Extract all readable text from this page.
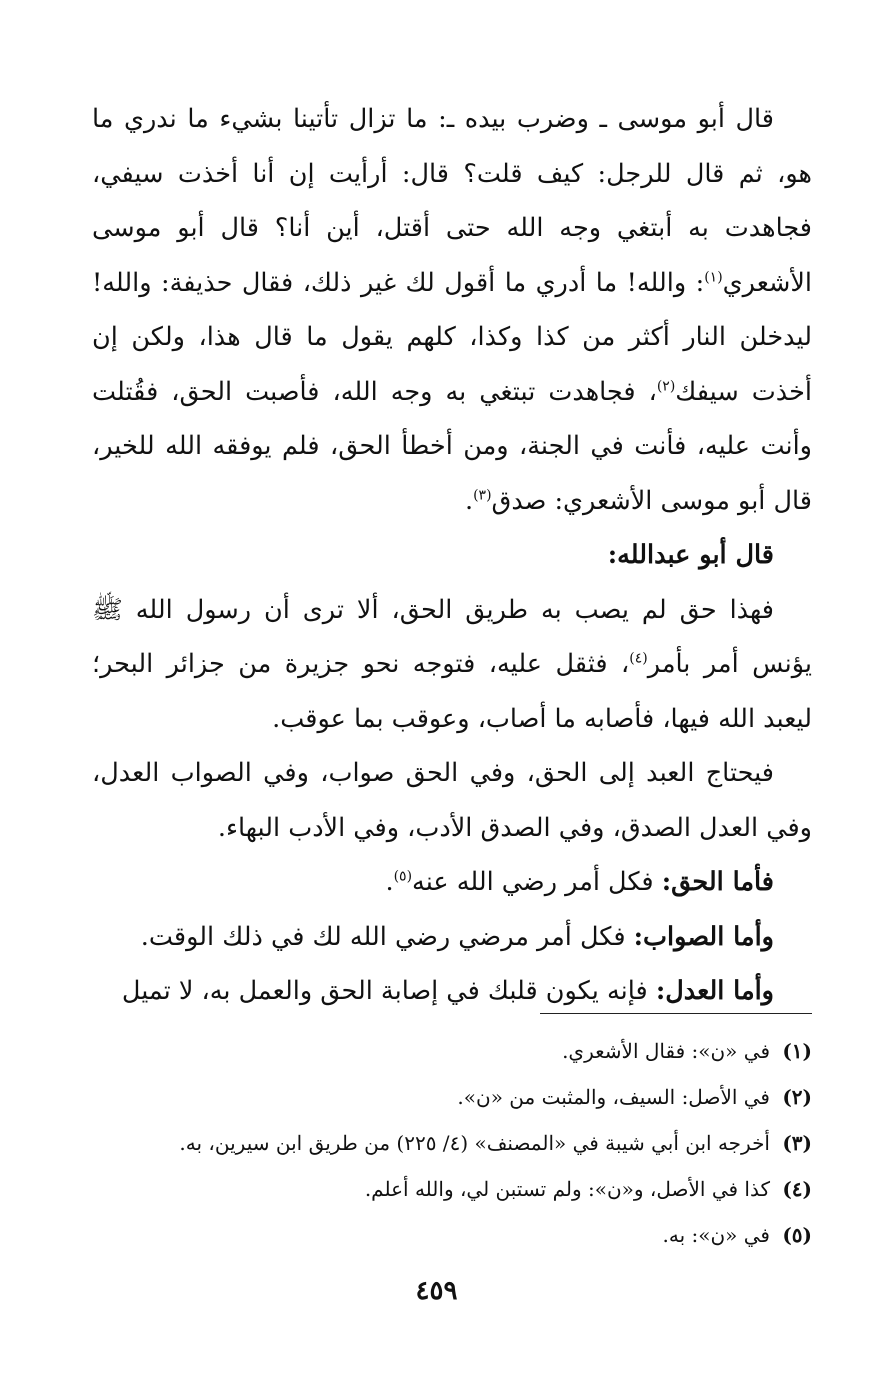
قال أبو موسى ـ وضرب بيده ـ: ما تزال تأتينا بشيء ما ندري ما هو، ثم قال للرجل: كيف قلت؟ قال: أرأيت إن أنا أخذت سيفي، فجاهدت به أبتغي وجه الله حتى أقتل، أين أنا؟ قال أبو موسى الأشعري$^{(١)}$: والله! ما أدري ما أقول لك غير ذلك، فقال حذيفة: والله! ليدخلن النار أكثر من كذا وكذا، كلهم يقول ما قال هذا، ولكن إن أخذت سيفك$^{(٢)}$، فجاهدت تبتغي به وجه الله، فأصبت الحق، فقُتلت وأنت عليه، فأنت في الجنة، ومن أخطأ الحق، فلم يوفقه الله للخير، قال أبو موسى الأشعري: صدق$^{(٣)}$.

قال أبو عبدالله:

فهذا حق لم يصب به طريق الحق، ألا ترى أن رسول الله ﷺ يؤنس أمر بأمر$^{(٤)}$، فثقل عليه، فتوجه نحو جزيرة من جزائر البحر؛ ليعبد الله فيها، فأصابه ما أصاب، وعوقب بما عوقب.

فيحتاج العبد إلى الحق، وفي الحق صواب، وفي الصواب العدل، وفي العدل الصدق، وفي الصدق الأدب، وفي الأدب البهاء.

فأما الحق: فكل أمر رضي الله عنه$^{(٥)}$.

وأما الصواب: فكل أمر مرضي رضي الله لك في ذلك الوقت.

وأما العدل: فإنه يكون قلبك في إصابة الحق والعمل به، لا تميل

(١)في «ن»: فقال الأشعري.
(٢)في الأصل: السيف، والمثبت من «ن».
(٣)أخرجه ابن أبي شيبة في «المصنف» (٤/ ٢٢٥) من طريق ابن سيرين، به.
(٤)كذا في الأصل، و«ن»: ولم تستبن لي، والله أعلم.
(٥)في «ن»: به.
٤٥٩
